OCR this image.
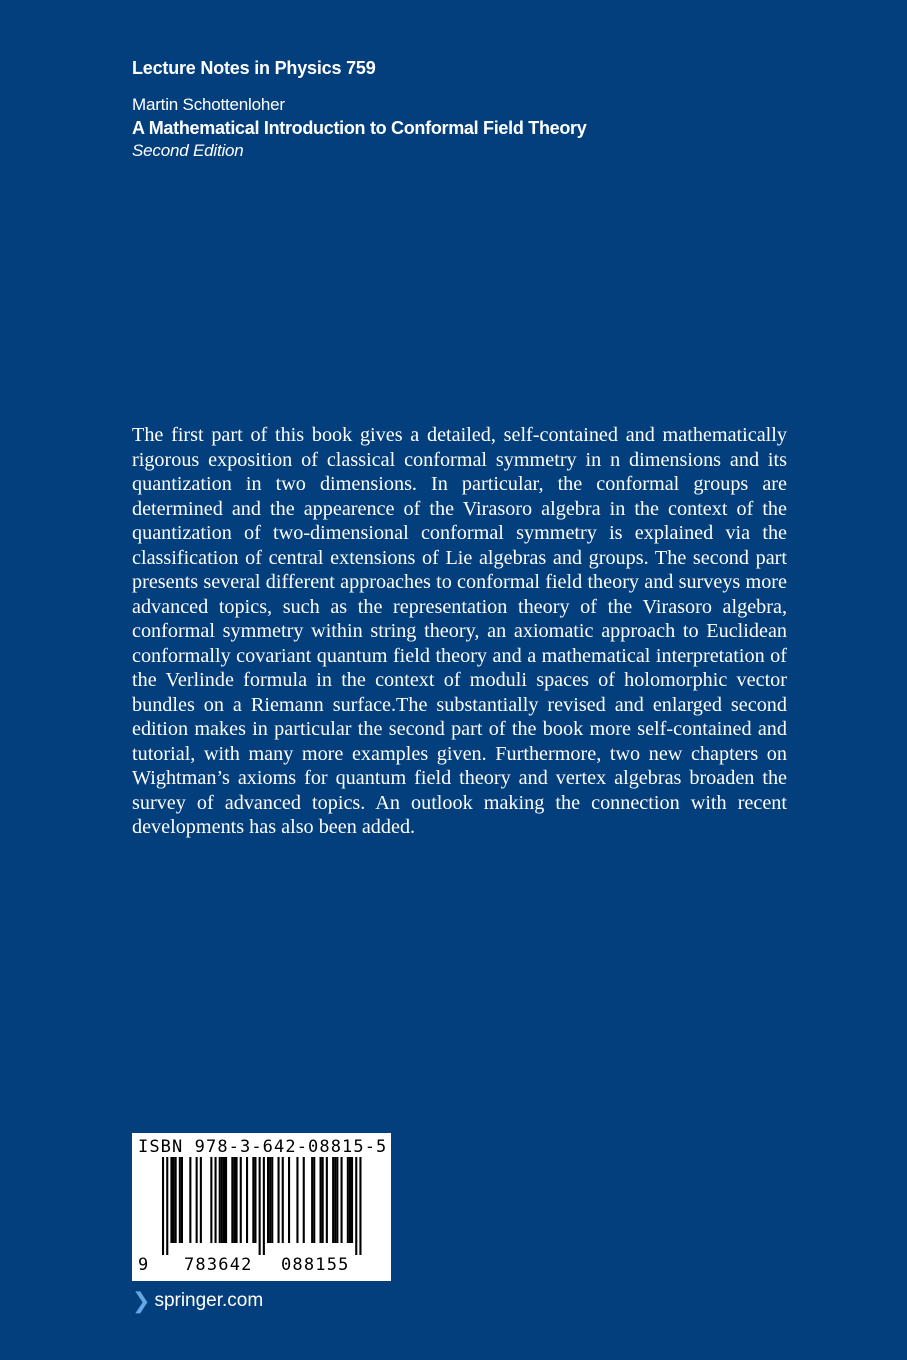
Lecture Notes in Physics 759

Martin Schottenloher

A Mathematical Introduction to Conformal Field Theory

Second Edition

The first part of this book gives a detailed, self-contained and mathematically rigorous exposition of classical conformal symmetry in n dimensions and its quantization in two dimensions. In particular, the conformal groups are determined and the appearence of the Virasoro algebra in the context of the quantization of two-dimensional conformal symmetry is explained via the classification of central extensions of Lie algebras and groups. The second part presents several different approaches to conformal field theory and surveys more advanced topics, such as the representation theory of the Virasoro algebra, conformal symmetry within string theory, an axiomatic approach to Euclidean conformally covariant quantum field theory and a mathematical interpretation of the Verlinde formula in the context of moduli spaces of holomorphic vector bundles on a Riemann surface.The substantially revised and enlarged second edition makes in particular the second part of the book more self-contained and tutorial, with many more examples given. Furthermore, two new chapters on Wightman’s axioms for quantum field theory and vertex algebras broaden the survey of advanced topics. An outlook making the connection with recent developments has also been added.

ISBN 978-3-642-08815-5

9 783642 088155
❯ springer.com
